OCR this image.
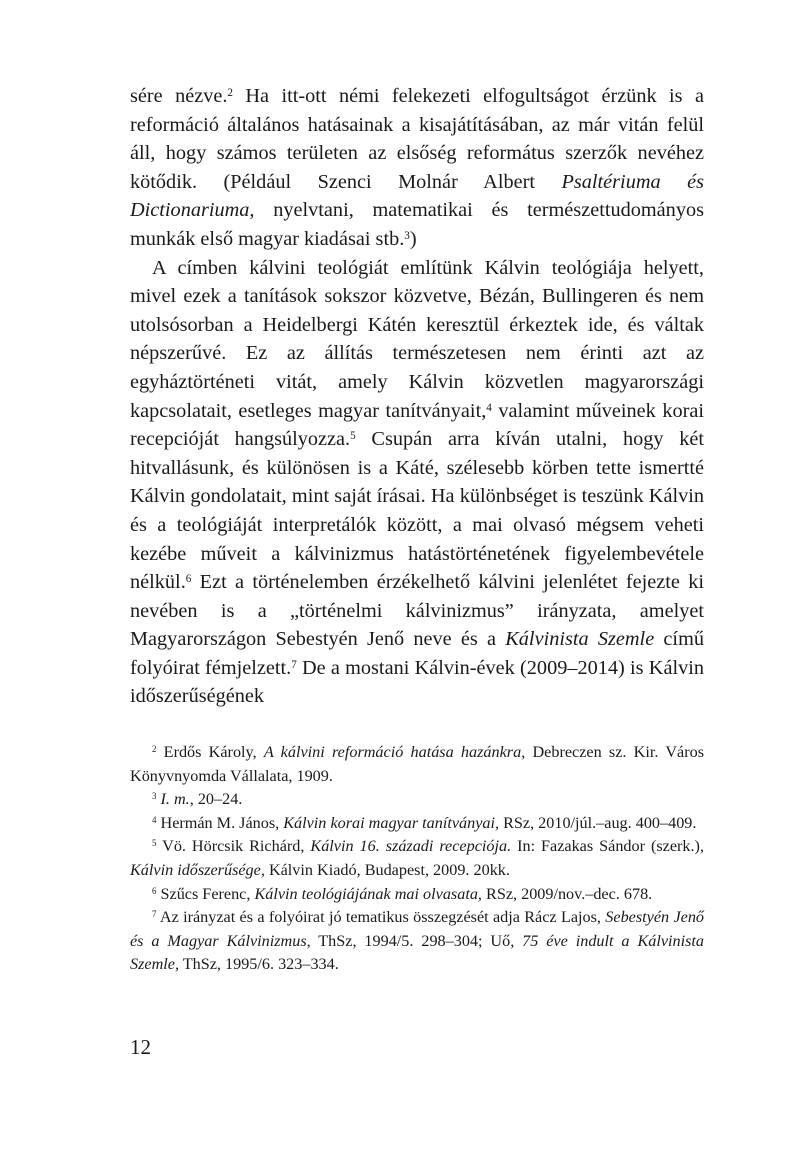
sére nézve.$^2$ Ha itt-ott némi felekezeti elfogultságot érzünk is a reformáció általános hatásainak a kisajátításában, az már vitán felül áll, hogy számos területen az elsőség református szerzők nevéhez kötődik. (Például Szenci Molnár Albert Psaltériuma és Dictionariuma, nyelvtani, matematikai és természettudományos munkák első magyar kiadásai stb.$^3$)

A címben kálvini teológiát említünk Kálvin teológiája helyett, mivel ezek a tanítások sokszor közvetve, Bézán, Bullingeren és nem utolsósorban a Heidelbergi Kátén keresztül érkeztek ide, és váltak népszerűvé. Ez az állítás természetesen nem érinti azt az egyháztörténeti vitát, amely Kálvin közvetlen magyarországi kapcsolatait, esetleges magyar tanítványait,$^4$ valamint műveinek korai recepcióját hangsúlyozza.$^5$ Csupán arra kíván utalni, hogy két hitvallásunk, és különösen is a Káté, szélesebb körben tette ismertté Kálvin gondolatait, mint saját írásai. Ha különbséget is teszünk Kálvin és a teológiáját interpretálók között, a mai olvasó mégsem veheti kezébe műveit a kálvinizmus hatástörténetének figyelembevétele nélkül.$^6$ Ezt a történelemben érzékelhető kálvini jelenlétet fejezte ki nevében is a „történelmi kálvinizmus” irányzata, amelyet Magyarországon Sebestyén Jenő neve és a Kálvinista Szemle című folyóirat fémjelzett.$^7$ De a mostani Kálvin-évek (2009–2014) is Kálvin időszerűségének

$^2$ Erdős Károly, A kálvini reformáció hatása hazánkra, Debreczen sz. Kir. Város Könyvnyomda Vállalata, 1909.

$^3$ I. m., 20–24.

$^4$ Hermán M. János, Kálvin korai magyar tanítványai, RSz, 2010/júl.–aug. 400–409.

$^5$ Vö. Hörcsik Richárd, Kálvin 16. századi recepciója. In: Fazakas Sándor (szerk.), Kálvin időszerűsége, Kálvin Kiadó, Budapest, 2009. 20kk.

$^6$ Szűcs Ferenc, Kálvin teológiájának mai olvasata, RSz, 2009/nov.–dec. 678.

$^7$ Az irányzat és a folyóirat jó tematikus összegzését adja Rácz Lajos, Sebestyén Jenő és a Magyar Kálvinizmus, ThSz, 1994/5. 298–304; Uő, 75 éve indult a Kálvinista Szemle, ThSz, 1995/6. 323–334.

12
